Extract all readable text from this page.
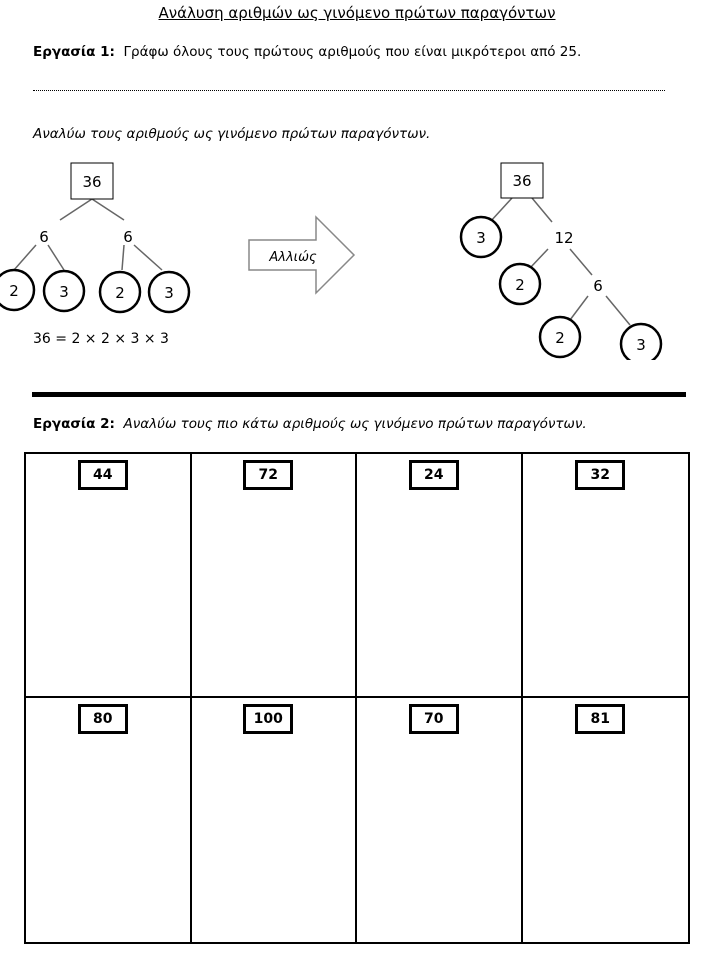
Ανάλυση αριθμών ως γινόμενο πρώτων παραγόντων
Εργασία 1: Γράφω όλους τους πρώτους αριθμούς που είναι μικρότεροι από 25.
Αναλύω τους αριθμούς ως γινόμενο πρώτων παραγόντων.
36
6	6
2	3	2	3
36 = 2 × 2 × 3 × 3
Αλλιώς
36
3	12
2	6
2	3
Εργασία 2: Αναλύω τους πιο κάτω αριθμούς ως γινόμενο πρώτων παραγόντων.
44	72	24	32
80	100	70	81
